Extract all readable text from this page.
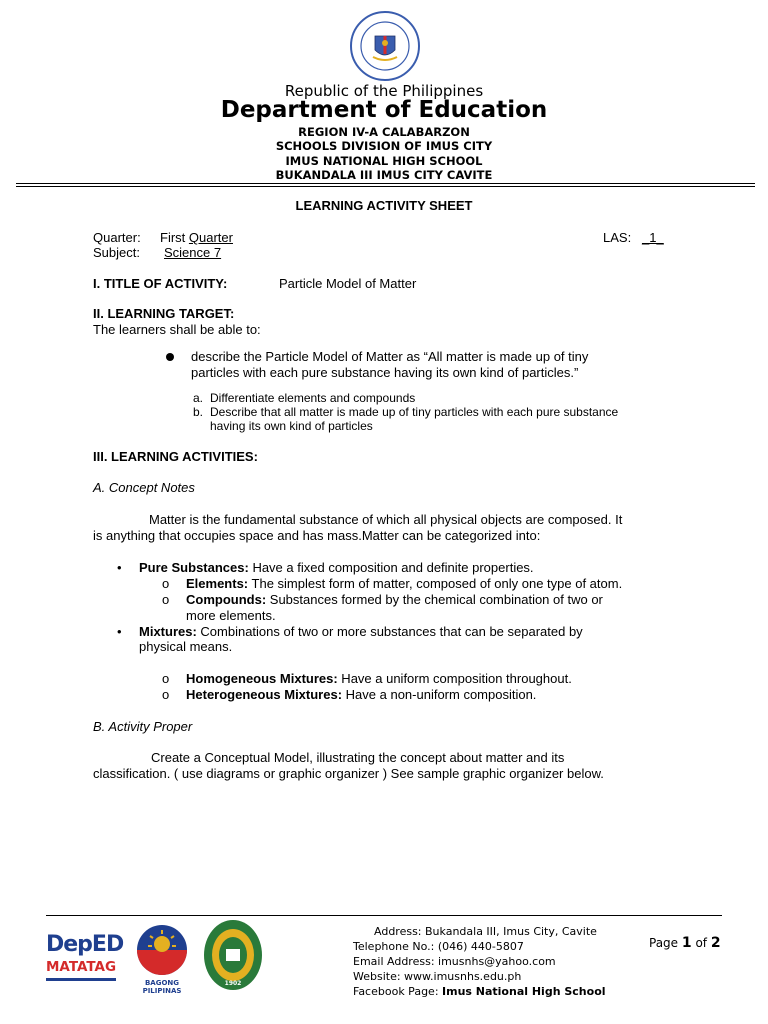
Republic of the Philippines
Department of Education
REGION IV-A CALABARZON
SCHOOLS DIVISION OF IMUS CITY
IMUS NATIONAL HIGH SCHOOL
BUKANDALA III IMUS CITY CAVITE
LEARNING ACTIVITY SHEET
Quarter: First Quarter
Subject: Science 7
LAS: _1_
I. TITLE OF ACTIVITY:	Particle Model of Matter
II. LEARNING TARGET:
The learners shall be able to:
describe the Particle Model of Matter as “All matter is made up of tiny
particles with each pure substance having its own kind of particles.”
a. Differentiate elements and compounds
b. Describe that all matter is made up of tiny particles with each pure substance
having its own kind of particles
III. LEARNING ACTIVITIES:
A. Concept Notes
Matter is the fundamental substance of which all physical objects are composed. It
is anything that occupies space and has mass.Matter can be categorized into:
• Pure Substances: Have a fixed composition and definite properties.
o Elements: The simplest form of matter, composed of only one type of atom.
o Compounds: Substances formed by the chemical combination of two or
more elements.
• Mixtures: Combinations of two or more substances that can be separated by
physical means.
o Homogeneous Mixtures: Have a uniform composition throughout.
o Heterogeneous Mixtures: Have a non-uniform composition.
B. Activity Proper
Create a Conceptual Model, illustrating the concept about matter and its
classification. ( use diagrams or graphic organizer ) See sample graphic organizer below.
DepED
MATATAG
BAGONG PILIPINAS
1902
Address: Bukandala III, Imus City, Cavite
Telephone No.: (046) 440-5807
Email Address: imusnhs@yahoo.com
Website: www.imusnhs.edu.ph
Facebook Page: Imus National High School
Page 1 of 2
